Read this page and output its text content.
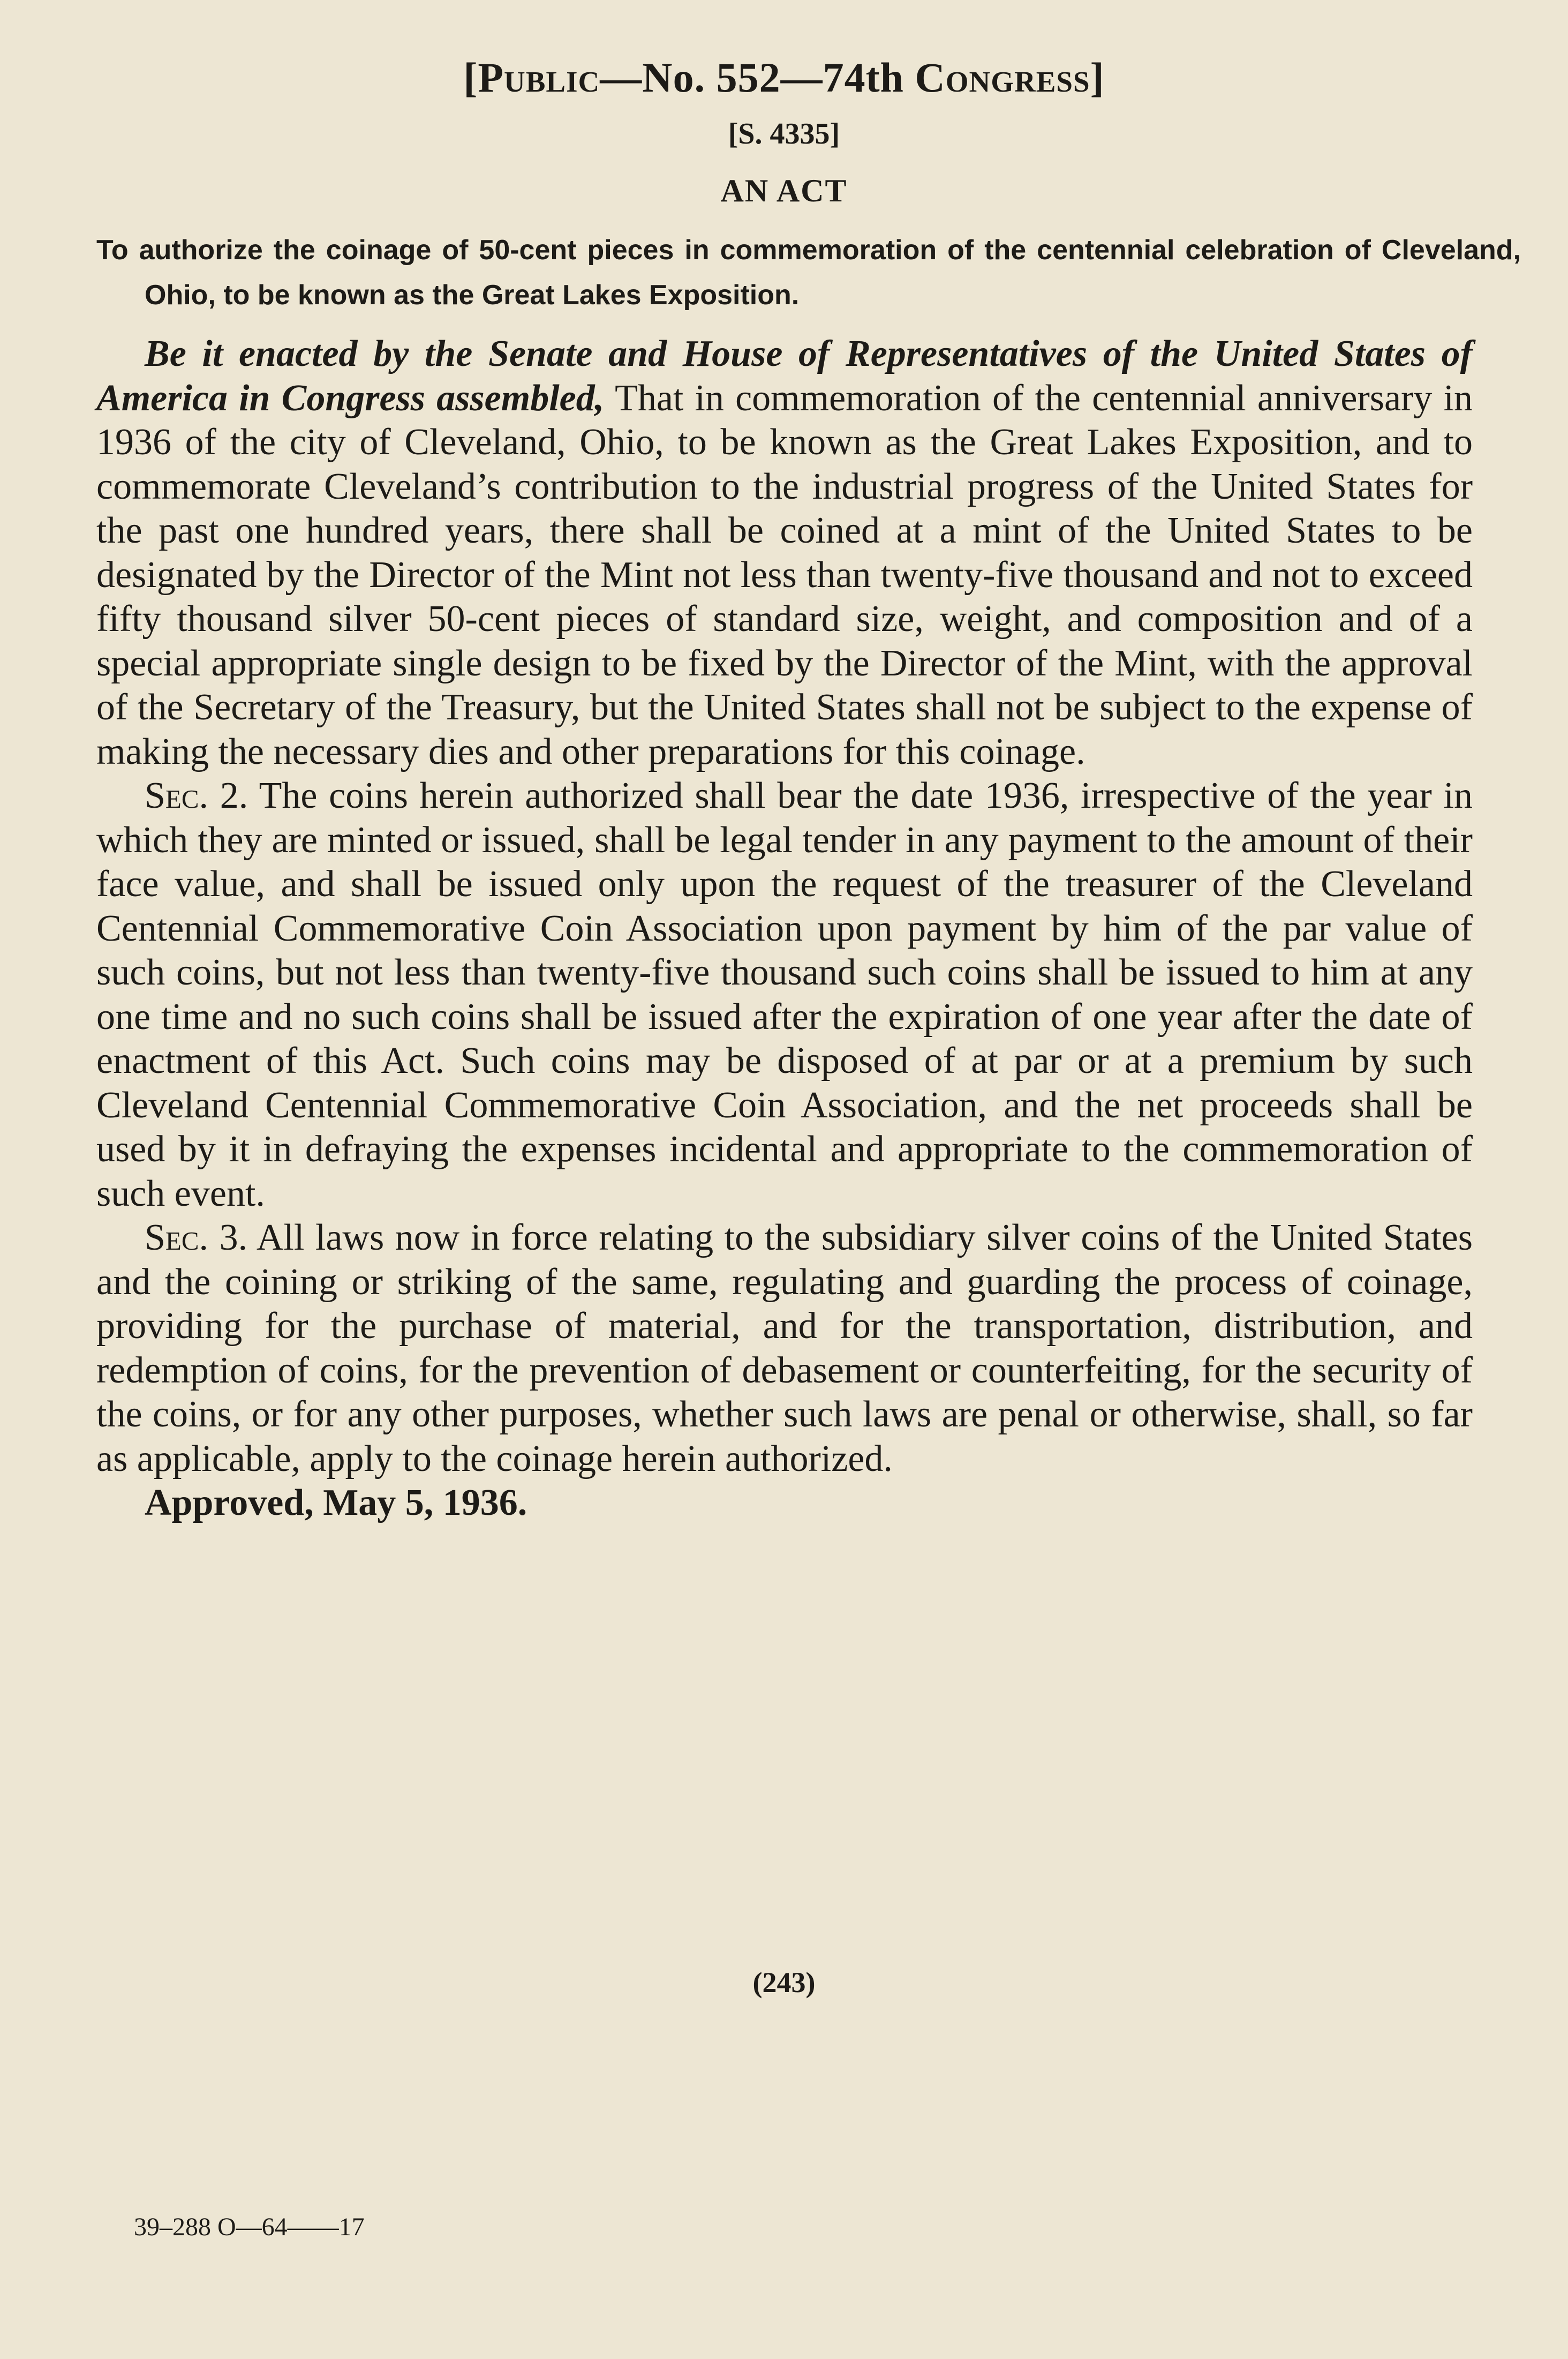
[Public—No. 552—74th Congress]

[S. 4335]

AN ACT

To authorize the coinage of 50-cent pieces in commemoration of the centennial celebration of Cleveland, Ohio, to be known as the Great Lakes Exposition.

Be it enacted by the Senate and House of Representatives of the United States of America in Congress assembled, That in commemoration of the centennial anniversary in 1936 of the city of Cleveland, Ohio, to be known as the Great Lakes Exposition, and to commemorate Cleveland’s contribution to the industrial progress of the United States for the past one hundred years, there shall be coined at a mint of the United States to be designated by the Director of the Mint not less than twenty-five thousand and not to exceed fifty thousand silver 50-cent pieces of standard size, weight, and composition and of a special appropriate single design to be fixed by the Director of the Mint, with the approval of the Secretary of the Treasury, but the United States shall not be subject to the expense of making the necessary dies and other preparations for this coinage.

Sec. 2. The coins herein authorized shall bear the date 1936, irrespective of the year in which they are minted or issued, shall be legal tender in any payment to the amount of their face value, and shall be issued only upon the request of the treasurer of the Cleveland Centennial Commemorative Coin Association upon payment by him of the par value of such coins, but not less than twenty-five thousand such coins shall be issued to him at any one time and no such coins shall be issued after the expiration of one year after the date of enactment of this Act. Such coins may be disposed of at par or at a premium by such Cleveland Centennial Commemorative Coin Association, and the net proceeds shall be used by it in defraying the expenses incidental and appropriate to the commemoration of such event.

Sec. 3. All laws now in force relating to the subsidiary silver coins of the United States and the coining or striking of the same, regulating and guarding the process of coinage, providing for the purchase of material, and for the transportation, distribution, and redemption of coins, for the prevention of debasement or counterfeiting, for the security of the coins, or for any other purposes, whether such laws are penal or otherwise, shall, so far as applicable, apply to the coinage herein authorized.

Approved, May 5, 1936.

(243)

39–288 O—64——17
